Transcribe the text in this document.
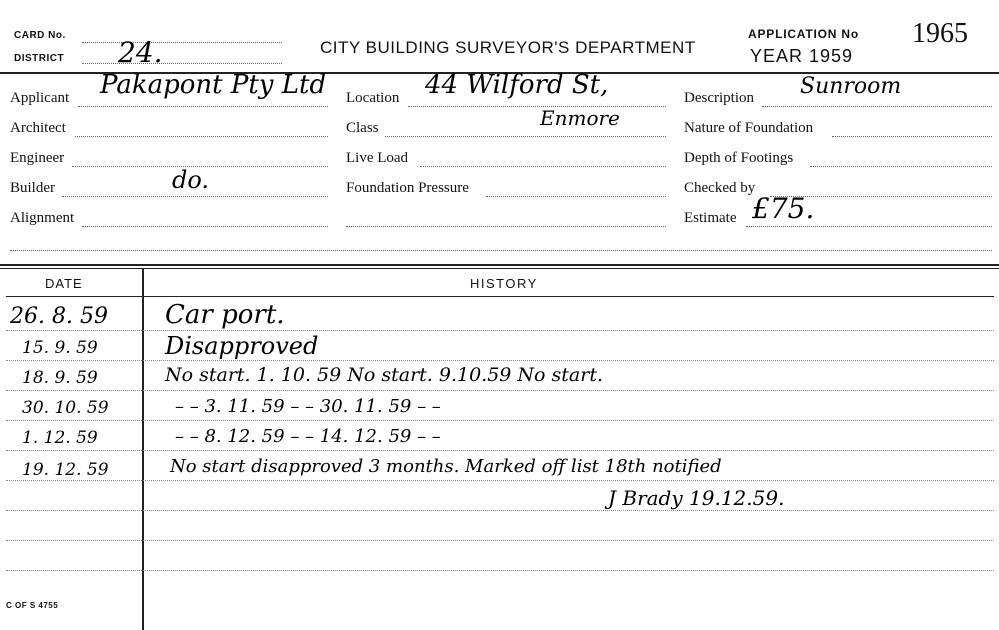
CARD No.
DISTRICT 24.	CITY BUILDING SURVEYOR'S DEPARTMENT
APPLICATION No 1965
YEAR 1959
Applicant Pakapont Pty Ltd
Architect
Engineer
Builder	do.
Alignment
Location 44 Wilford St,
Enmore
Class
Live Load
Foundation Pressure
Description Sunroom
Nature of Foundation
Depth of Footings
Checked by
Estimate £75.
DATE	HISTORY
26. 8. 59 Car port.
15. 9. 59	Disapproved
18. 9. 59	No start. 1. 10. 59 No start. 9.10.59 No start.
30. 10. 59	– – 3. 11. 59 – – 30. 11. 59 – –
1. 12. 59	– – 8. 12. 59 – – 14. 12. 59 – –
19. 12. 59	No start disapproved 3 months. Marked off list 18th notified
J Brady 19.12.59.
C OF S 4755
